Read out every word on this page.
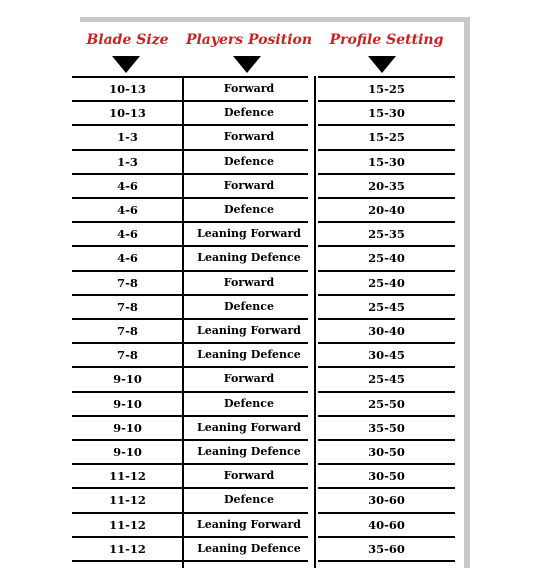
Blade Size	Players Position	Profile Setting
10-13	Forward	15-25
10-13	Defence	15-30
1-3	Forward	15-25
1-3	Defence	15-30
4-6	Forward	20-35
4-6	Defence	20-40
4-6	Leaning Forward	25-35
4-6	Leaning Defence	25-40
7-8	Forward	25-40
7-8	Defence	25-45
7-8	Leaning Forward	30-40
7-8	Leaning Defence	30-45
9-10	Forward	25-45
9-10	Defence	25-50
9-10	Leaning Forward	35-50
9-10	Leaning Defence	30-50
11-12	Forward	30-50
11-12	Defence	30-60
11-12	Leaning Forward	40-60
11-12	Leaning Defence	35-60
